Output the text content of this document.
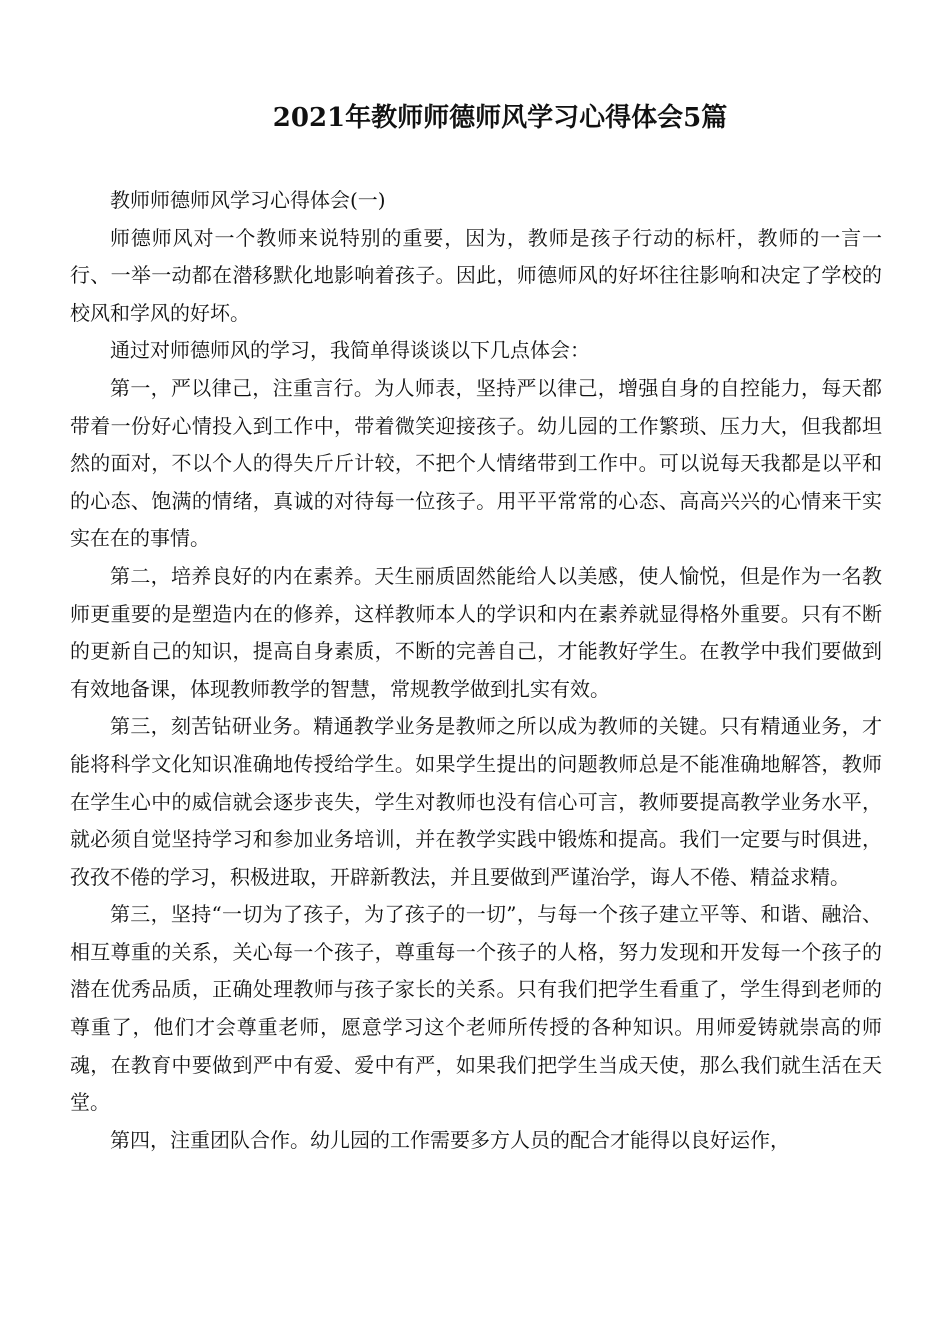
2021年教师师德师风学习心得体会5篇

教师师德师风学习心得体会(一)

师德师风对一个教师来说特别的重要，因为，教师是孩子行动的标杆，教师的一言一行、一举一动都在潜移默化地影响着孩子。因此，师德师风的好坏往往影响和决定了学校的校风和学风的好坏。

通过对师德师风的学习，我简单得谈谈以下几点体会：

第一，严以律己，注重言行。为人师表，坚持严以律己，增强自身的自控能力，每天都带着一份好心情投入到工作中，带着微笑迎接孩子。幼儿园的工作繁琐、压力大，但我都坦然的面对，不以个人的得失斤斤计较，不把个人情绪带到工作中。可以说每天我都是以平和的心态、饱满的情绪，真诚的对待每一位孩子。用平平常常的心态、高高兴兴的心情来干实实在在的事情。

第二，培养良好的内在素养。天生丽质固然能给人以美感，使人愉悦，但是作为一名教师更重要的是塑造内在的修养，这样教师本人的学识和内在素养就显得格外重要。只有不断的更新自己的知识，提高自身素质，不断的完善自己，才能教好学生。在教学中我们要做到有效地备课，体现教师教学的智慧，常规教学做到扎实有效。

第三，刻苦钻研业务。精通教学业务是教师之所以成为教师的关键。只有精通业务，才能将科学文化知识准确地传授给学生。如果学生提出的问题教师总是不能准确地解答，教师在学生心中的威信就会逐步丧失，学生对教师也没有信心可言，教师要提高教学业务水平，就必须自觉坚持学习和参加业务培训，并在教学实践中锻炼和提高。我们一定要与时俱进，孜孜不倦的学习，积极进取，开辟新教法，并且要做到严谨治学，诲人不倦、精益求精。

第三，坚持“一切为了孩子，为了孩子的一切”，与每一个孩子建立平等、和谐、融洽、相互尊重的关系，关心每一个孩子，尊重每一个孩子的人格，努力发现和开发每一个孩子的潜在优秀品质，正确处理教师与孩子家长的关系。只有我们把学生看重了，学生得到老师的尊重了，他们才会尊重老师，愿意学习这个老师所传授的各种知识。用师爱铸就崇高的师魂，在教育中要做到严中有爱、爱中有严，如果我们把学生当成天使，那么我们就生活在天堂。

第四，注重团队合作。幼儿园的工作需要多方人员的配合才能得以良好运作，
